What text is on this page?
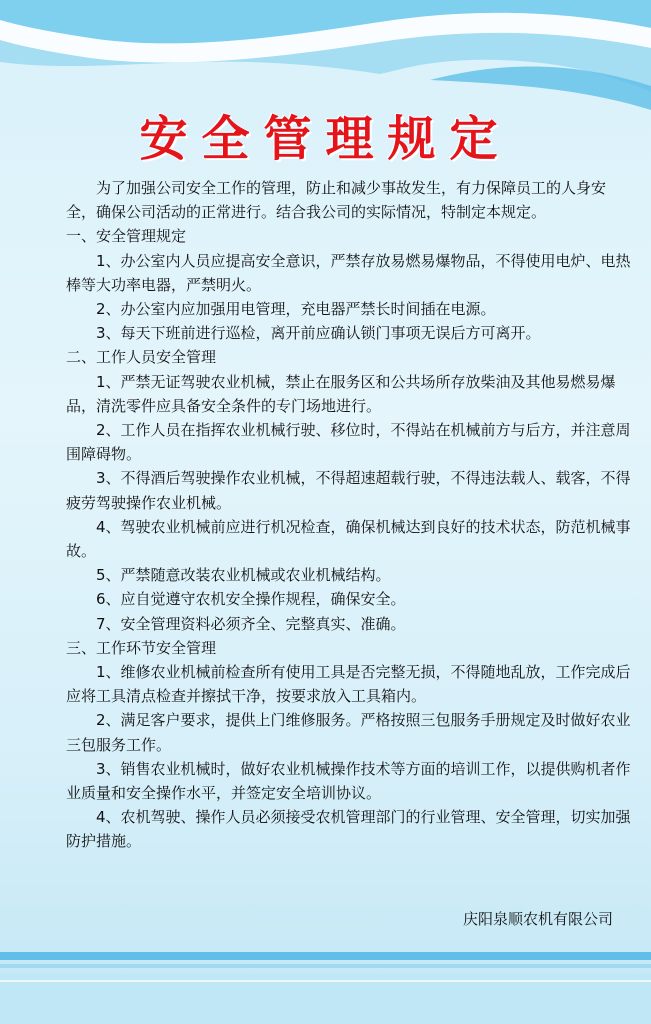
安全管理规定

为了加强公司安全工作的管理，防止和减少事故发生，有力保障员工的人身安全，确保公司活动的正常进行。结合我公司的实际情况，特制定本规定。

一、安全管理规定

1、办公室内人员应提高安全意识，严禁存放易燃易爆物品，不得使用电炉、电热棒等大功率电器，严禁明火。

2、办公室内应加强用电管理，充电器严禁长时间插在电源。

3、每天下班前进行巡检，离开前应确认锁门事项无误后方可离开。

二、工作人员安全管理

1、严禁无证驾驶农业机械，禁止在服务区和公共场所存放柴油及其他易燃易爆品，清洗零件应具备安全条件的专门场地进行。

2、工作人员在指挥农业机械行驶、移位时，不得站在机械前方与后方，并注意周围障碍物。

3、不得酒后驾驶操作农业机械，不得超速超载行驶，不得违法载人、载客，不得疲劳驾驶操作农业机械。

4、驾驶农业机械前应进行机况检查，确保机械达到良好的技术状态，防范机械事故。

5、严禁随意改装农业机械或农业机械结构。

6、应自觉遵守农机安全操作规程，确保安全。

7、安全管理资料必须齐全、完整真实、准确。

三、工作环节安全管理

1、维修农业机械前检查所有使用工具是否完整无损，不得随地乱放，工作完成后应将工具清点检查并擦拭干净，按要求放入工具箱内。

2、满足客户要求，提供上门维修服务。严格按照三包服务手册规定及时做好农业三包服务工作。

3、销售农业机械时，做好农业机械操作技术等方面的培训工作，以提供购机者作业质量和安全操作水平，并签定安全培训协议。

4、农机驾驶、操作人员必须接受农机管理部门的行业管理、安全管理，切实加强防护措施。

庆阳泉顺农机有限公司
